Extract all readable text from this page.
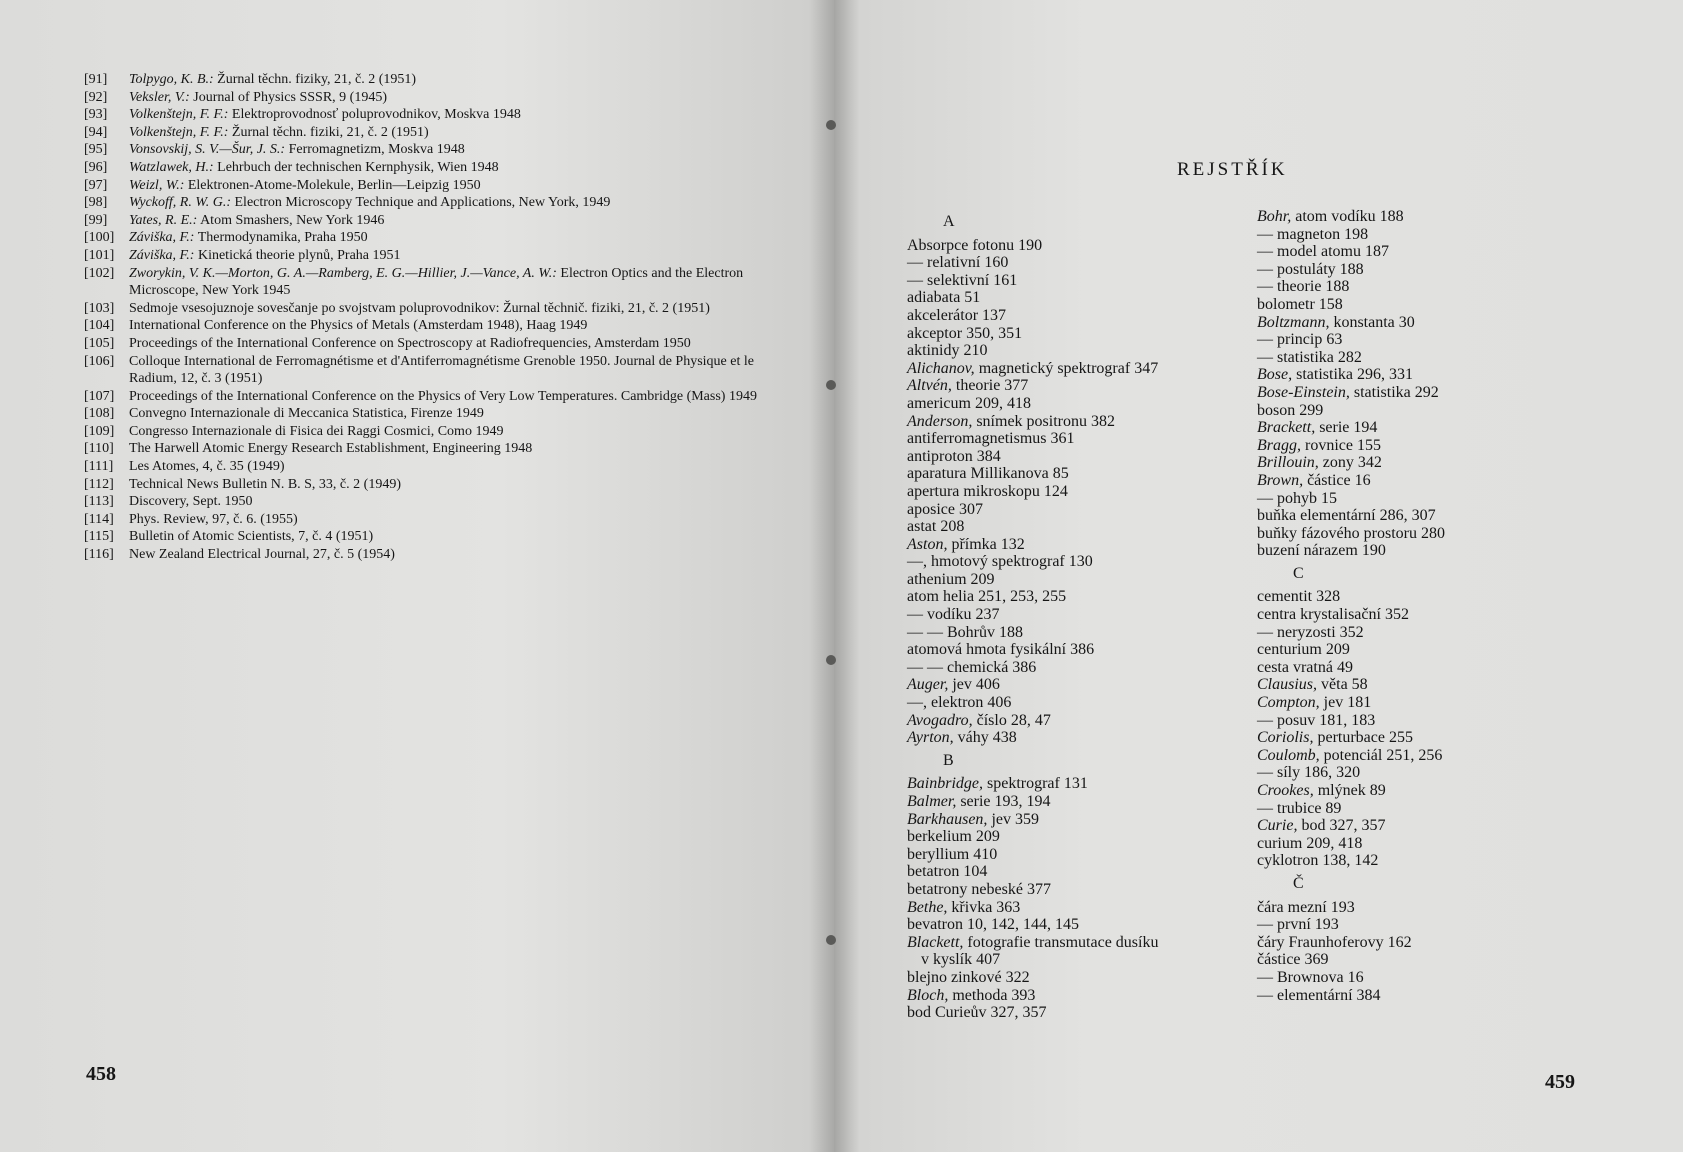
[91]	Tolpygo, K. B.: Žurnal těchn. fiziky, 21, č. 2 (1951)
[92]	Veksler, V.: Journal of Physics SSSR, 9 (1945)
[93]	Volkenštejn, F. F.: Elektroprovodnosť poluprovodnikov, Moskva 1948
[94]	Volkenštejn, F. F.: Žurnal těchn. fiziki, 21, č. 2 (1951)
[95]	Vonsovskij, S. V.—Šur, J. S.: Ferromagnetizm, Moskva 1948
[96]	Watzlawek, H.: Lehrbuch der technischen Kernphysik, Wien 1948
[97]	Weizl, W.: Elektronen-Atome-Molekule, Berlin—Leipzig 1950
[98]	Wyckoff, R. W. G.: Electron Microscopy Technique and Applications, New York, 1949
[99]	Yates, R. E.: Atom Smashers, New York 1946
[100]	Záviška, F.: Thermodynamika, Praha 1950
[101]	Záviška, F.: Kinetická theorie plynů, Praha 1951
[102]	Zworykin, V. K.—Morton, G. A.—Ramberg, E. G.—Hillier, J.—Vance, A. W.: Electron Optics and the Electron Microscope, New York 1945
[103]	Sedmoje vsesojuznoje sovesčanje po svojstvam poluprovodnikov: Žurnal těchnič. fiziki, 21, č. 2 (1951)
[104]	International Conference on the Physics of Metals (Amsterdam 1948), Haag 1949
[105]	Proceedings of the International Conference on Spectroscopy at Radiofrequencies, Amsterdam 1950
[106]	Colloque International de Ferromagnétisme et d'Antiferromagnétisme Grenoble 1950. Journal de Physique et le Radium, 12, č. 3 (1951)
[107]	Proceedings of the International Conference on the Physics of Very Low Temperatures. Cambridge (Mass) 1949
[108]	Convegno Internazionale di Meccanica Statistica, Firenze 1949
[109]	Congresso Internazionale di Fisica dei Raggi Cosmici, Como 1949
[110]	The Harwell Atomic Energy Research Establishment, Engineering 1948
[111]	Les Atomes, 4, č. 35 (1949)
[112]	Technical News Bulletin N. B. S, 33, č. 2 (1949)
[113]	Discovery, Sept. 1950
[114]	Phys. Review, 97, č. 6. (1955)
[115]	Bulletin of Atomic Scientists, 7, č. 4 (1951)
[116]	New Zealand Electrical Journal, 27, č. 5 (1954)
458
REJSTŘÍK
A
Absorpce fotonu 190
— relativní 160
— selektivní 161
adiabata 51
akcelerátor 137
akceptor 350, 351
aktinidy 210
Alichanov, magnetický spektrograf 347
Altvén, theorie 377
americum 209, 418
Anderson, snímek positronu 382
antiferromagnetismus 361
antiproton 384
aparatura Millikanova 85
apertura mikroskopu 124
aposice 307
astat 208
Aston, přímka 132
—, hmotový spektrograf 130
athenium 209
atom helia 251, 253, 255
— vodíku 237
— — Bohrův 188
atomová hmota fysikální 386
— — chemická 386
Auger, jev 406
—, elektron 406
Avogadro, číslo 28, 47
Ayrton, váhy 438
B
Bainbridge, spektrograf 131
Balmer, serie 193, 194
Barkhausen, jev 359
berkelium 209
beryllium 410
betatron 104
betatrony nebeské 377
Bethe, křivka 363
bevatron 10, 142, 144, 145
Blackett, fotografie transmutace dusíku
v kyslík 407
blejno zinkové 322
Bloch, methoda 393
bod Curieův 327, 357
Bohr, atom vodíku 188
— magneton 198
— model atomu 187
— postuláty 188
— theorie 188
bolometr 158
Boltzmann, konstanta 30
— princip 63
— statistika 282
Bose, statistika 296, 331
Bose-Einstein, statistika 292
boson 299
Brackett, serie 194
Bragg, rovnice 155
Brillouin, zony 342
Brown, částice 16
— pohyb 15
buňka elementární 286, 307
buňky fázového prostoru 280
buzení nárazem 190
C
cementit 328
centra krystalisační 352
— neryzosti 352
centurium 209
cesta vratná 49
Clausius, věta 58
Compton, jev 181
— posuv 181, 183
Coriolis, perturbace 255
Coulomb, potenciál 251, 256
— síly 186, 320
Crookes, mlýnek 89
— trubice 89
Curie, bod 327, 357
curium 209, 418
cyklotron 138, 142
Č
čára mezní 193
— první 193
čáry Fraunhoferovy 162
částice 369
— Brownova 16
— elementární 384
459
